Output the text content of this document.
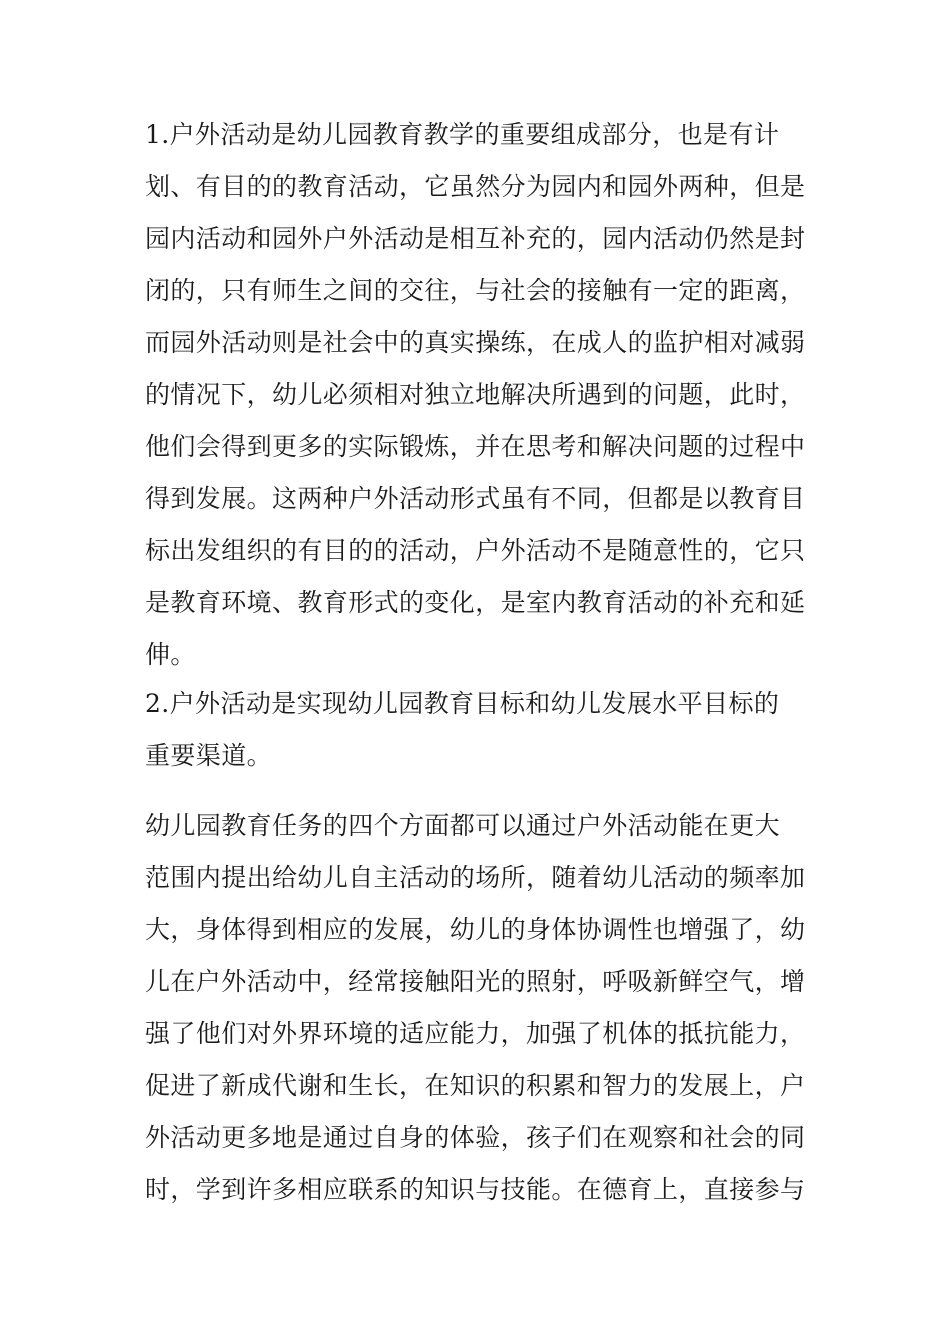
1.户外活动是幼儿园教育教学的重要组成部分，也是有计
划、有目的的教育活动，它虽然分为园内和园外两种，但是
园内活动和园外户外活动是相互补充的，园内活动仍然是封
闭的，只有师生之间的交往，与社会的接触有一定的距离，
而园外活动则是社会中的真实操练，在成人的监护相对减弱
的情况下，幼儿必须相对独立地解决所遇到的问题，此时，
他们会得到更多的实际锻炼，并在思考和解决问题的过程中
得到发展。这两种户外活动形式虽有不同，但都是以教育目
标出发组织的有目的的活动，户外活动不是随意性的，它只
是教育环境、教育形式的变化，是室内教育活动的补充和延
伸。
2.户外活动是实现幼儿园教育目标和幼儿发展水平目标的
重要渠道。
幼儿园教育任务的四个方面都可以通过户外活动能在更大
范围内提出给幼儿自主活动的场所，随着幼儿活动的频率加
大，身体得到相应的发展，幼儿的身体协调性也增强了，幼
儿在户外活动中，经常接触阳光的照射，呼吸新鲜空气，增
强了他们对外界环境的适应能力，加强了机体的抵抗能力，
促进了新成代谢和生长，在知识的积累和智力的发展上，户
外活动更多地是通过自身的体验，孩子们在观察和社会的同
时，学到许多相应联系的知识与技能。在德育上，直接参与
